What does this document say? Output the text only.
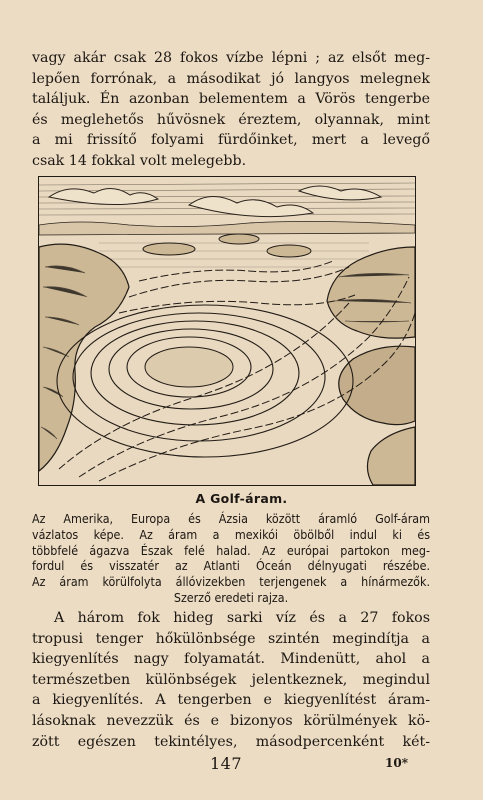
vagy akár csak 28 fokos vízbe lépni ; az elsőt meg-
lepően forrónak, a másodikat jó langyos melegnek
találjuk. Én azonban belementem a Vörös tengerbe
és meglehetős hűvösnek éreztem, olyannak, mint
a mi frissítő folyami fürdőinket, mert a levegő
csak 14 fokkal volt melegebb.

A Golf-áram.

Az Amerika, Europa és Ázsia között áramló Golf-áram
vázlatos képe. Az áram a mexikói öbölből indul ki és
többfelé ágazva Észak felé halad. Az európai partokon meg-
fordul és visszatér az Atlanti Óceán délnyugati részébe.
Az áram körülfolyta állóvizekben terjengenek a hínármezők.
Szerző eredeti rajza.

A három fok hideg sarki víz és a 27 fokos
tropusi tenger hőkülönbsége szintén megindítja a
kiegyenlítés nagy folyamatát. Mindenütt, ahol a
természetben különbségek jelentkeznek, megindul
a kiegyenlítés. A tengerben e kiegyenlítést áram-
lásoknak nevezzük és e bizonyos körülmények kö-
zött egészen tekintélyes, másodpercenként két-

147	10*
